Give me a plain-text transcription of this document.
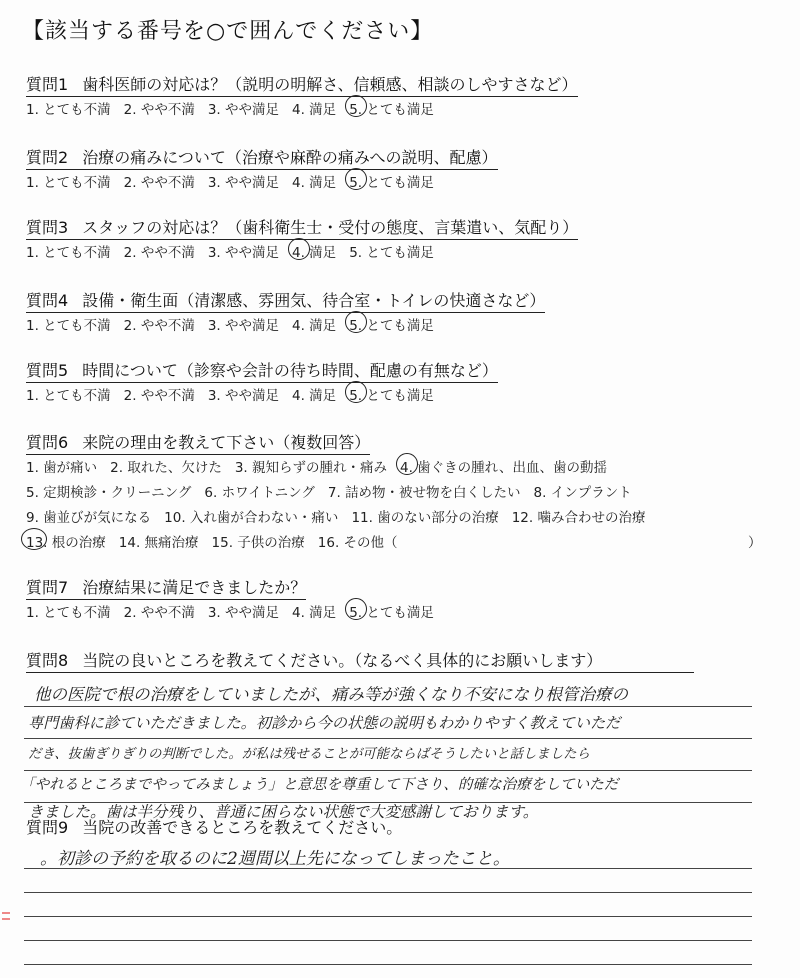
【該当する番号を○で囲んでください】
質問1 歯科医師の対応は？（説明の明解さ、信頼感、相談のしやすさなど）
1. とても不満 2. やや不満 3. やや満足 4. 満足 5. とても満足
質問2 治療の痛みについて（治療や麻酔の痛みへの説明、配慮）
1. とても不満 2. やや不満 3. やや満足 4. 満足 5. とても満足
質問3 スタッフの対応は？（歯科衛生士・受付の態度、言葉遣い、気配り）
1. とても不満 2. やや不満 3. やや満足 4. 満足 5. とても満足
質問4 設備・衛生面（清潔感、雰囲気、待合室・トイレの快適さなど）
1. とても不満 2. やや不満 3. やや満足 4. 満足 5. とても満足
質問5 時間について（診察や会計の待ち時間、配慮の有無など）
1. とても不満 2. やや不満 3. やや満足 4. 満足 5. とても満足
質問6 来院の理由を教えて下さい（複数回答）
1. 歯が痛い 2. 取れた、欠けた 3. 親知らずの腫れ・痛み 4. 歯ぐきの腫れ、出血、歯の動揺
5. 定期検診・クリーニング 6. ホワイトニング 7. 詰め物・被せ物を白くしたい 8. インプラント
9. 歯並びが気になる 10. 入れ歯が合わない・痛い 11. 歯のない部分の治療 12. 噛み合わせの治療
13. 根の治療 14. 無痛治療 15. 子供の治療 16. その他（	）
質問7 治療結果に満足できましたか？
1. とても不満 2. やや不満 3. やや満足 4. 満足 5. とても満足
質問8 当院の良いところを教えてください。（なるべく具体的にお願いします）
他の医院で根の治療をしていましたが、痛み等が強くなり不安になり根管治療の
専門歯科に診ていただきました。初診から今の状態の説明もわかりやすく教えていただ
だき、抜歯ぎりぎりの判断でした。が私は残せることが可能ならばそうしたいと話しましたら
「やれるところまでやってみましょう」と意思を尊重して下さり、的確な治療をしていただ
きました。歯は半分残り、普通に困らない状態で大変感謝しております。
質問9 当院の改善できるところを教えてください。
。初診の予約を取るのに2週間以上先になってしまったこと。
